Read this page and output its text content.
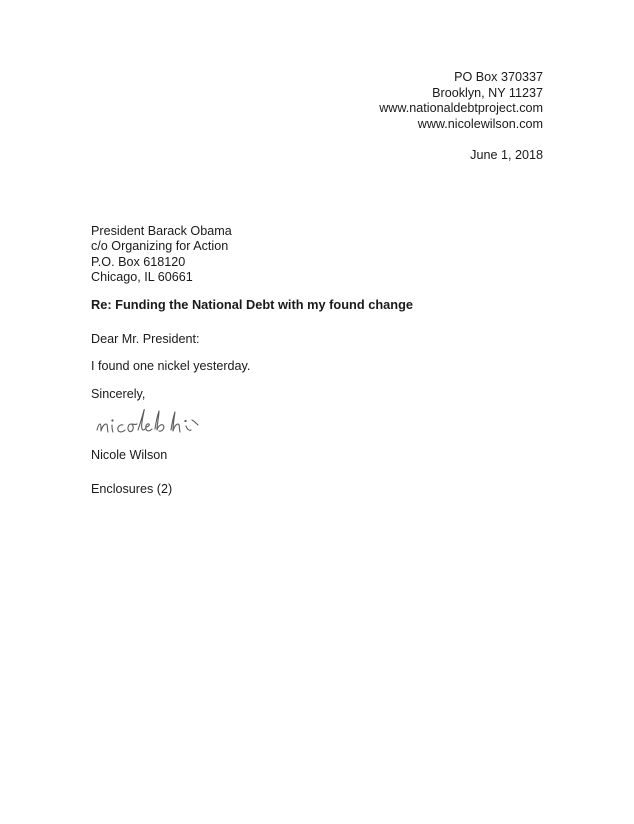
PO Box 370337
Brooklyn, NY 11237
www.nationaldebtproject.com
www.nicolewilson.com
June 1, 2018
President Barack Obama
c/o Organizing for Action
P.O. Box 618120
Chicago, IL 60661
Re: Funding the National Debt with my found change
Dear Mr. President:
I found one nickel yesterday.
Sincerely,
Nicole Wilson
Enclosures (2)
